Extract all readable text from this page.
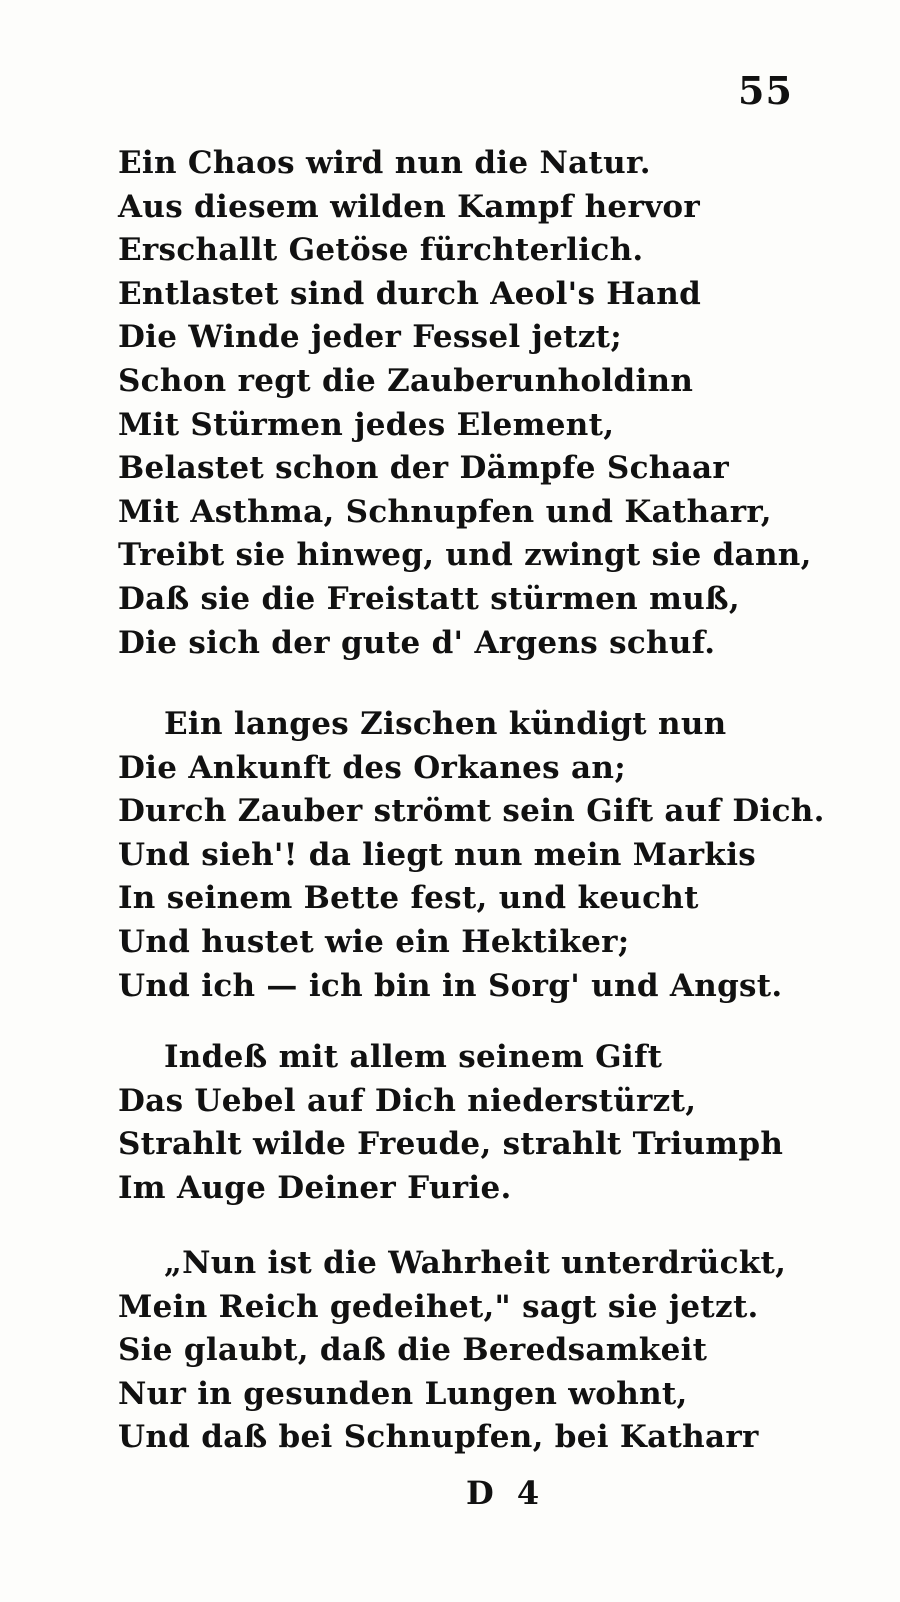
55
Ein Chaos wird nun die Natur.
Aus diesem wilden Kampf hervor
Erschallt Getöse fürchterlich.
Entlastet sind durch Aeol's Hand
Die Winde jeder Fessel jetzt;
Schon regt die Zauberunholdinn
Mit Stürmen jedes Element,
Belastet schon der Dämpfe Schaar
Mit Asthma, Schnupfen und Katharr,
Treibt sie hinweg, und zwingt sie dann,
Daß sie die Freistatt stürmen muß,
Die sich der gute d' Argens schuf.
Ein langes Zischen kündigt nun
Die Ankunft des Orkanes an;
Durch Zauber strömt sein Gift auf Dich.
Und sieh'! da liegt nun mein Markis
In seinem Bette fest, und keucht
Und hustet wie ein Hektiker;
Und ich — ich bin in Sorg' und Angst.
Indeß mit allem seinem Gift
Das Uebel auf Dich niederstürzt,
Strahlt wilde Freude, strahlt Triumph
Im Auge Deiner Furie.
„Nun ist die Wahrheit unterdrückt,
Mein Reich gedeihet," sagt sie jetzt.
Sie glaubt, daß die Beredsamkeit
Nur in gesunden Lungen wohnt,
Und daß bei Schnupfen, bei Katharr
D 4
